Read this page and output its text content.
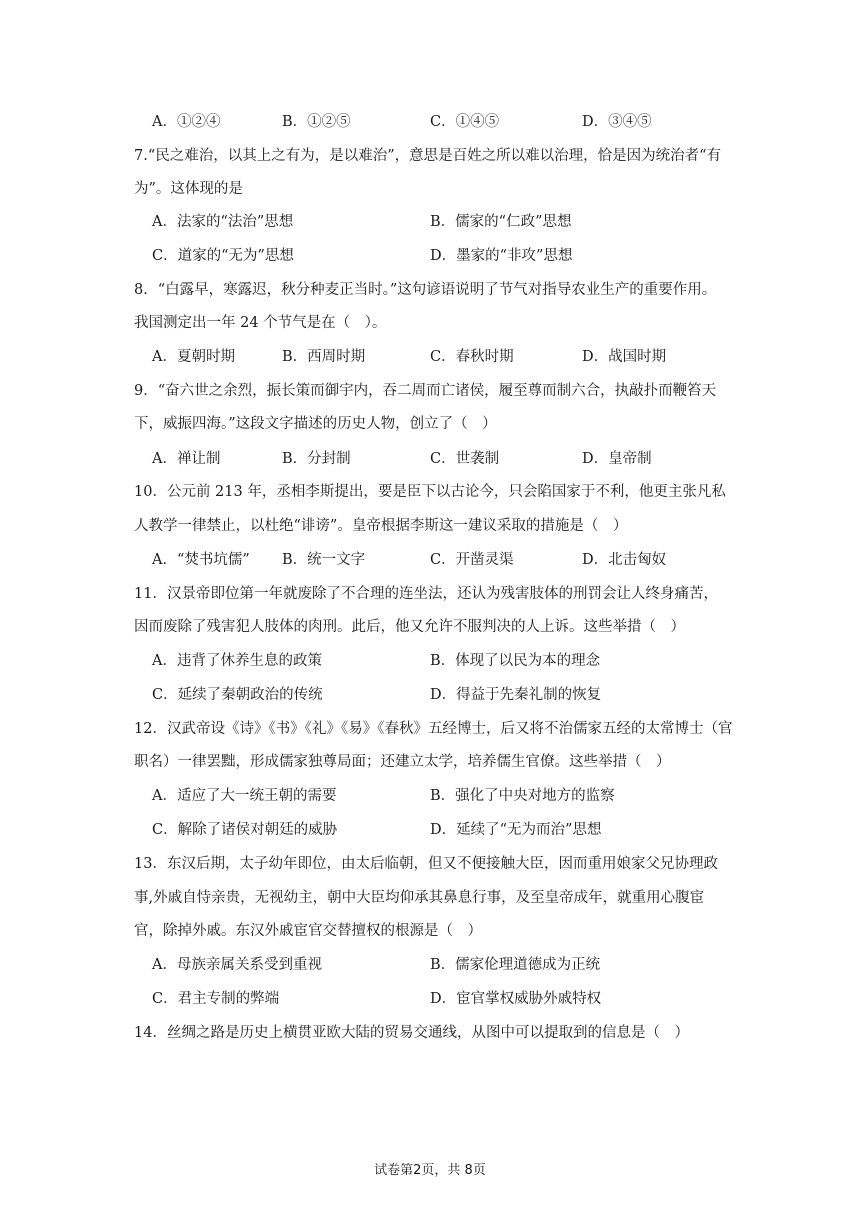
A．①②④	B．①②⑤	C．①④⑤	D．③④⑤
7.“民之难治，以其上之有为，是以难治”，意思是百姓之所以难以治理，恰是因为统治者“有
为”。这体现的是
A．法家的“法治”思想	B．儒家的“仁政”思想
C．道家的“无为”思想	D．墨家的“非攻”思想
8．“白露早，寒露迟，秋分种麦正当时。”这句谚语说明了节气对指导农业生产的重要作用。
我国测定出一年 24 个节气是在（　）。
A．夏朝时期	B．西周时期	C．春秋时期	D．战国时期
9．“奋六世之余烈，振长策而御宇内，吞二周而亡诸侯，履至尊而制六合，执敲扑而鞭笞天
下，威振四海。”这段文字描述的历史人物，创立了（　）
A．禅让制	B．分封制	C．世袭制	D．皇帝制
10．公元前 213 年，丞相李斯提出，要是臣下以古论今，只会陷国家于不利，他更主张凡私
人教学一律禁止，以杜绝“诽谤”。皇帝根据李斯这一建议采取的措施是（　）
A．“焚书坑儒” B．统一文字	C．开凿灵渠	D．北击匈奴
11．汉景帝即位第一年就废除了不合理的连坐法，还认为残害肢体的刑罚会让人终身痛苦，
因而废除了残害犯人肢体的肉刑。此后，他又允许不服判决的人上诉。这些举措（　）
A．违背了休养生息的政策	B．体现了以民为本的理念
C．延续了秦朝政治的传统	D．得益于先秦礼制的恢复
12．汉武帝设《诗》《书》《礼》《易》《春秋》五经博士，后又将不治儒家五经的太常博士（官
职名）一律罢黜，形成儒家独尊局面；还建立太学，培养儒生官僚。这些举措（　）
A．适应了大一统王朝的需要	B．强化了中央对地方的监察
C．解除了诸侯对朝廷的威胁	D．延续了“无为而治”思想
13．东汉后期，太子幼年即位，由太后临朝，但又不便接触大臣，因而重用娘家父兄协理政
事,外戚自恃亲贵，无视幼主，朝中大臣均仰承其鼻息行事，及至皇帝成年，就重用心腹宦
官，除掉外戚。东汉外戚宦官交替擅权的根源是（　）
A．母族亲属关系受到重视	B．儒家伦理道德成为正统
C．君主专制的弊端	D．宦官掌权威胁外戚特权
14．丝绸之路是历史上横贯亚欧大陆的贸易交通线，从图中可以提取到的信息是（　）
试卷第2页，共 8页
